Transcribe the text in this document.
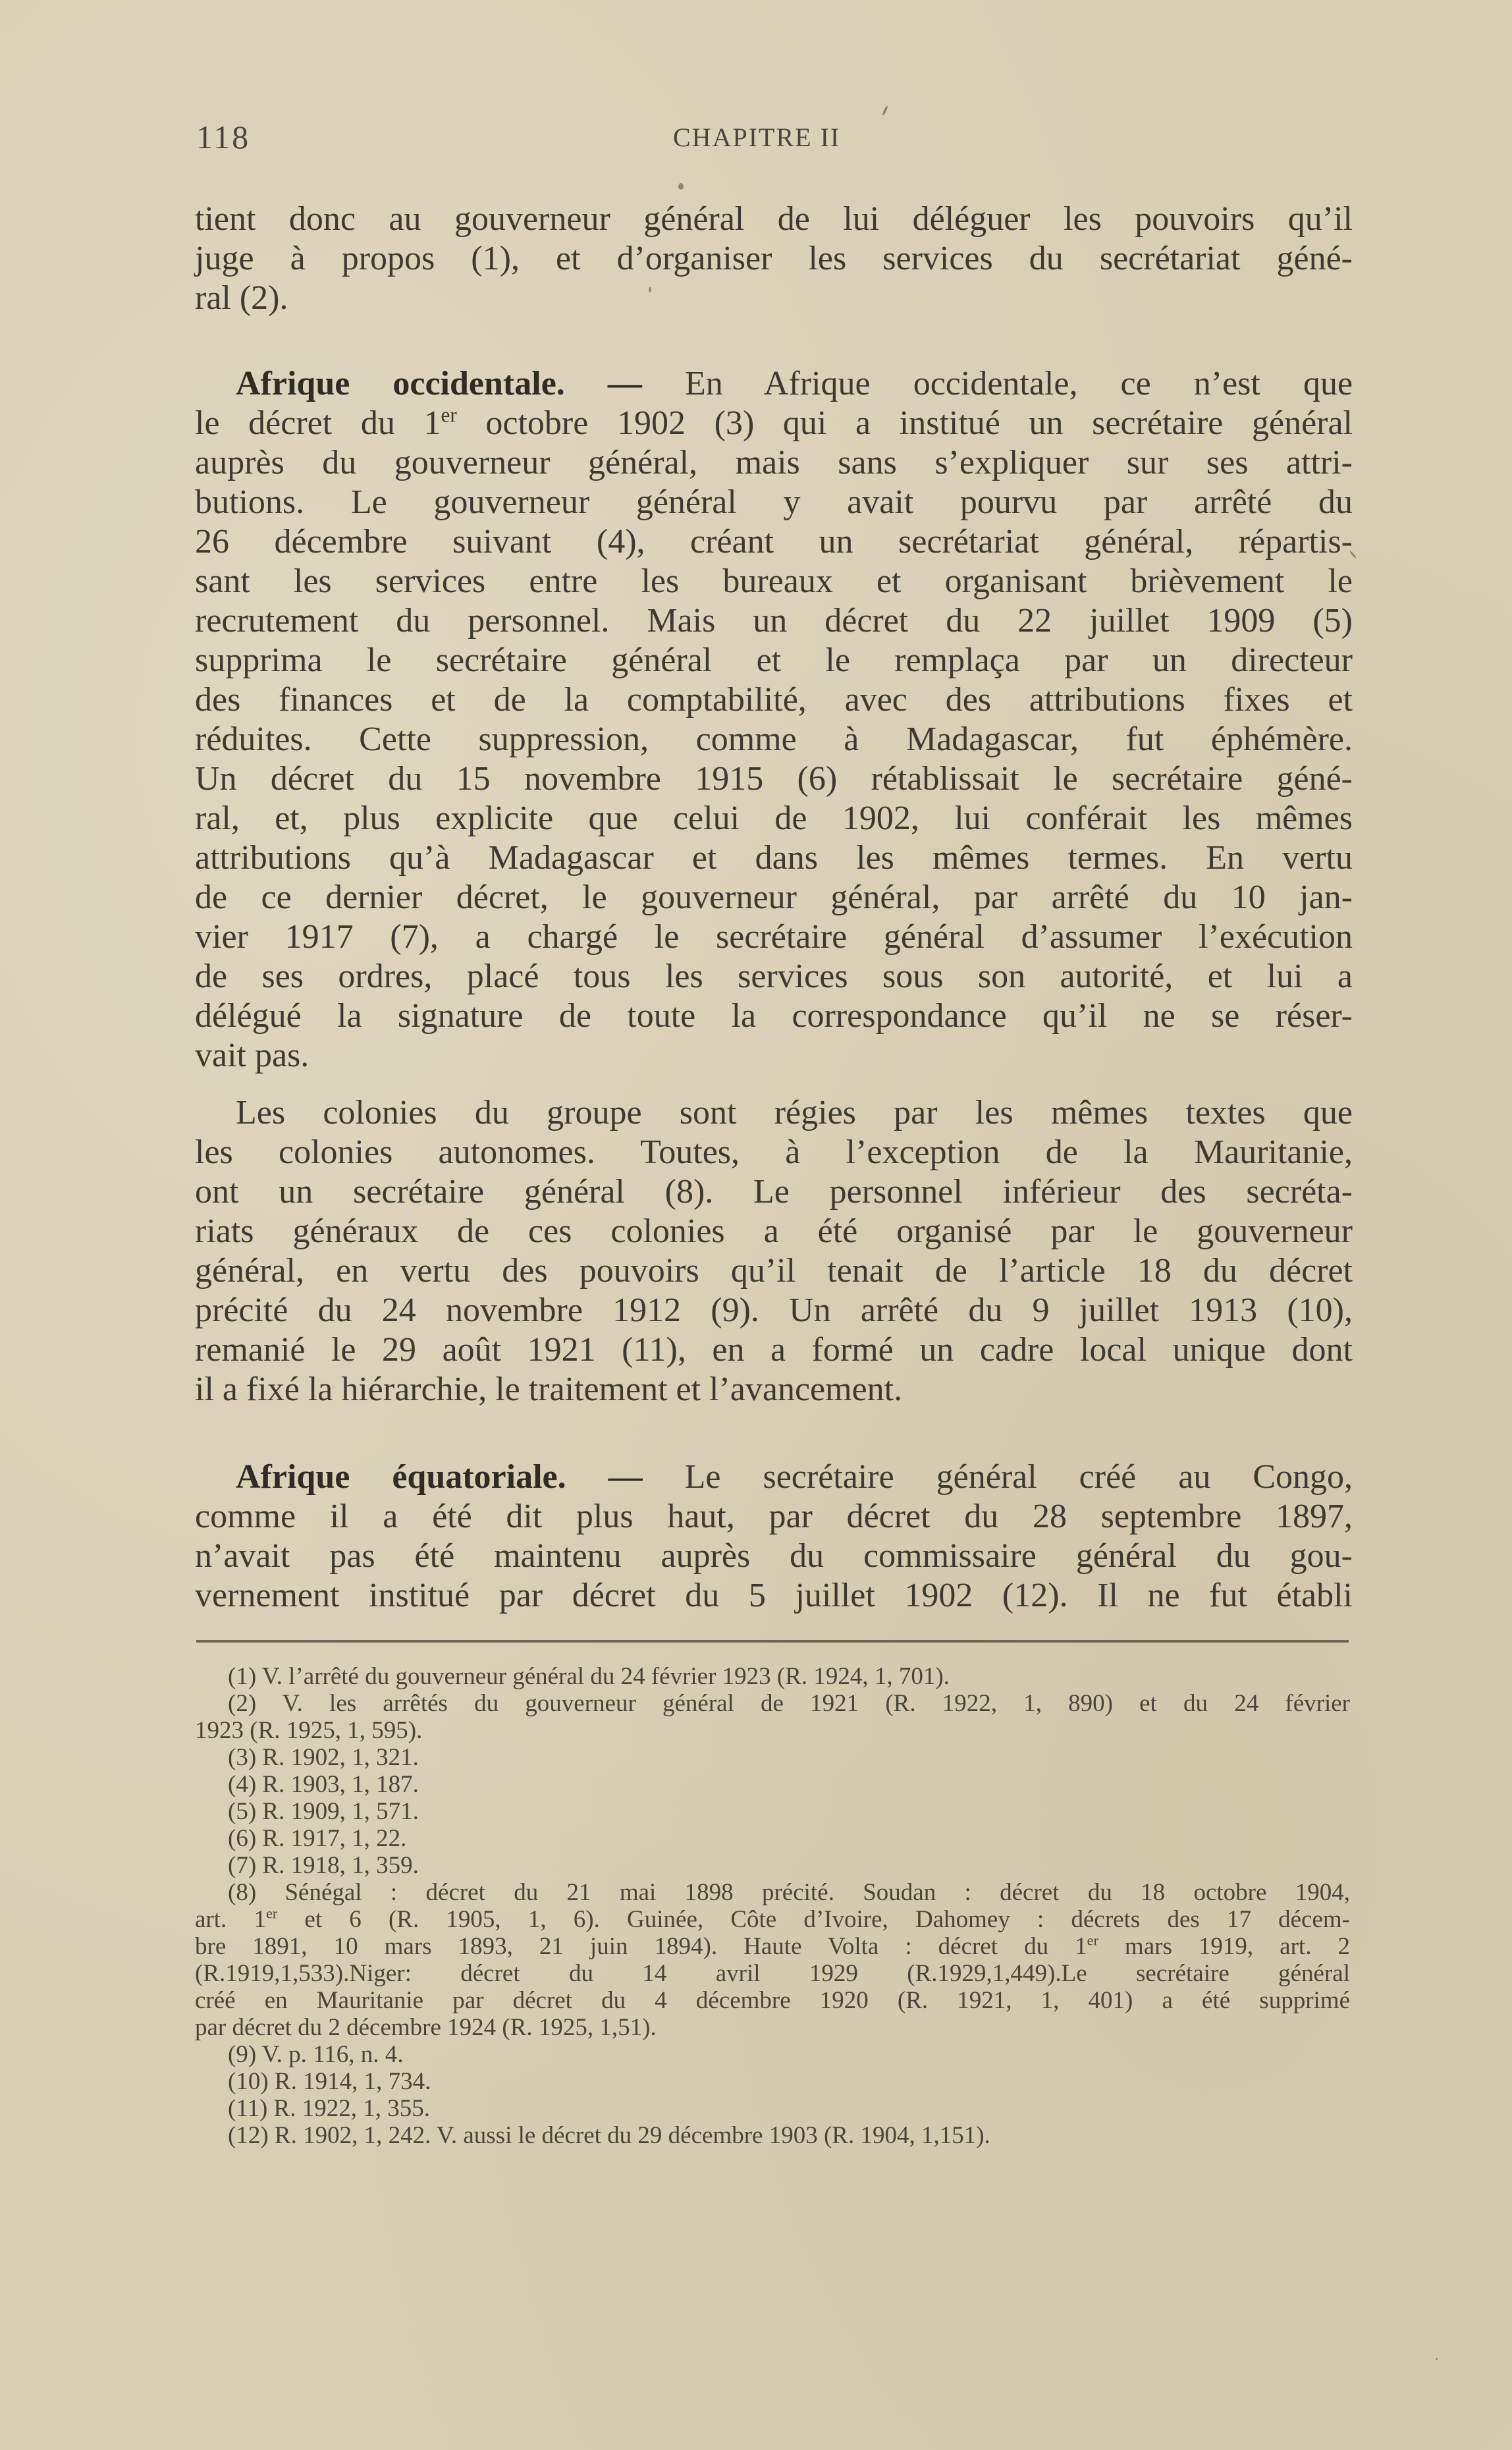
118	CHAPITRE II
tient donc au gouverneur général de lui déléguer les pouvoirs qu’il
juge à propos (1), et d’organiser les services du secrétariat géné-
ral (2).
Afrique occidentale. — En Afrique occidentale, ce n’est que
le décret du 1er octobre 1902 (3) qui a institué un secrétaire général
auprès du gouverneur général, mais sans s’expliquer sur ses attri-
butions. Le gouverneur général y avait pourvu par arrêté du
26 décembre suivant (4), créant un secrétariat général, répartis-
sant les services entre les bureaux et organisant brièvement le
recrutement du personnel. Mais un décret du 22 juillet 1909 (5)
supprima le secrétaire général et le remplaça par un directeur
des finances et de la comptabilité, avec des attributions fixes et
réduites. Cette suppression, comme à Madagascar, fut éphémère.
Un décret du 15 novembre 1915 (6) rétablissait le secrétaire géné-
ral, et, plus explicite que celui de 1902, lui conférait les mêmes
attributions qu’à Madagascar et dans les mêmes termes. En vertu
de ce dernier décret, le gouverneur général, par arrêté du 10 jan-
vier 1917 (7), a chargé le secrétaire général d’assumer l’exécution
de ses ordres, placé tous les services sous son autorité, et lui a
délégué la signature de toute la correspondance qu’il ne se réser-
vait pas.
Les colonies du groupe sont régies par les mêmes textes que
les colonies autonomes. Toutes, à l’exception de la Mauritanie,
ont un secrétaire général (8). Le personnel inférieur des secréta-
riats généraux de ces colonies a été organisé par le gouverneur
général, en vertu des pouvoirs qu’il tenait de l’article 18 du décret
précité du 24 novembre 1912 (9). Un arrêté du 9 juillet 1913 (10),
remanié le 29 août 1921 (11), en a formé un cadre local unique dont
il a fixé la hiérarchie, le traitement et l’avancement.
Afrique équatoriale. — Le secrétaire général créé au Congo,
comme il a été dit plus haut, par décret du 28 septembre 1897,
n’avait pas été maintenu auprès du commissaire général du gou-
vernement institué par décret du 5 juillet 1902 (12). Il ne fut établi
(1) V. l’arrêté du gouverneur général du 24 février 1923 (R. 1924, 1, 701).
(2) V. les arrêtés du gouverneur général de 1921 (R. 1922, 1, 890) et du 24 février
1923 (R. 1925, 1, 595).
(3) R. 1902, 1, 321.
(4) R. 1903, 1, 187.
(5) R. 1909, 1, 571.
(6) R. 1917, 1, 22.
(7) R. 1918, 1, 359.
(8) Sénégal : décret du 21 mai 1898 précité. Soudan : décret du 18 octobre 1904,
art. 1er et 6 (R. 1905, 1, 6). Guinée, Côte d’Ivoire, Dahomey : décrets des 17 décem-
bre 1891, 10 mars 1893, 21 juin 1894). Haute Volta : décret du 1er mars 1919, art. 2
(R.1919,1,533).Niger: décret du 14 avril 1929 (R.1929,1,449).Le secrétaire général
créé en Mauritanie par décret du 4 décembre 1920 (R. 1921, 1, 401) a été supprimé
par décret du 2 décembre 1924 (R. 1925, 1,51).
(9) V. p. 116, n. 4.
(10) R. 1914, 1, 734.
(11) R. 1922, 1, 355.
(12) R. 1902, 1, 242. V. aussi le décret du 29 décembre 1903 (R. 1904, 1,151).
